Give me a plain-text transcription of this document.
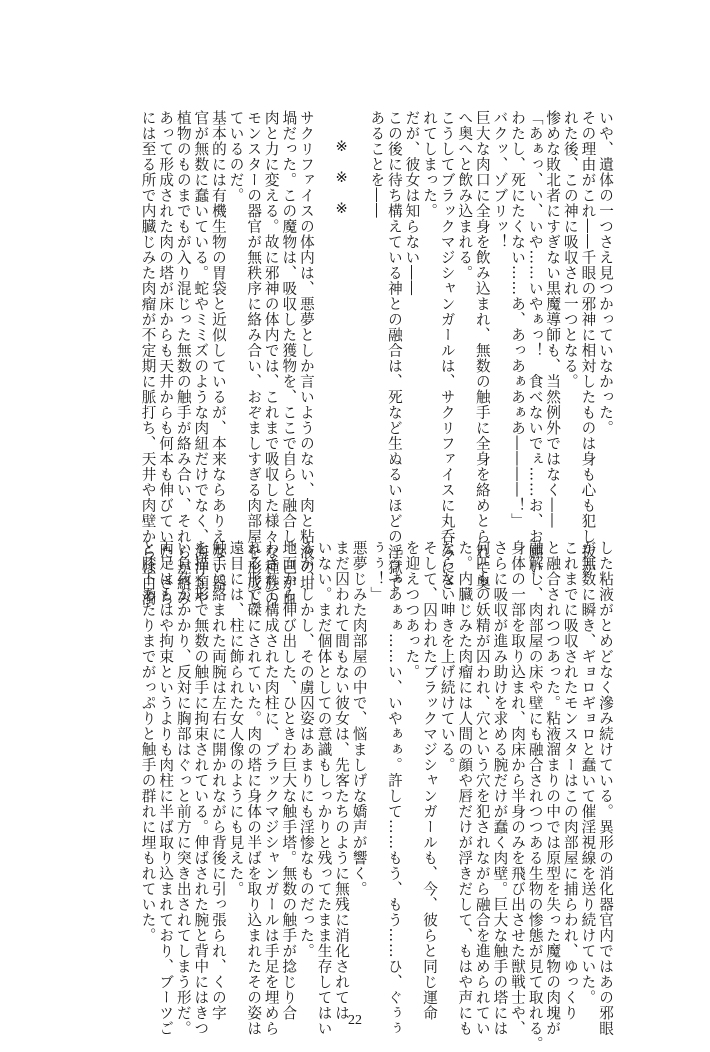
いや、遺体の一つさえ見つかっていなかった。
その理由がこれ――千眼の邪神に相対したものは身も心も犯し抜か
れた後、この神に吸収され一つとなる。
惨めな敗北者にすぎない黒魔導師も、当然例外ではなく――
「あぁっ、い、いや……いやぁっ！　食べないでぇ……お、お願い、
わたし、死にたくない……あ、あっあぁあぁあ――――！」
バクッ、ゾブリッ！
巨大な肉口に全身を飲み込まれ、無数の触手に全身を絡めとられて奥
へ奥へと飲み込まれる。
こうしてブラックマジシャンガールは、サクリファイスに丸呑みにさ
れてしまった。
だが、彼女は知らない――
この後に待ち構えている神との融合は、死など生ぬるいほどの淫獄で
あることを――

※※※

サクリファイスの体内は、悪夢としか言いようのない、肉と粘液の坩
堝だった。この魔物は、吸収した獲物を、ここで自らと融合し、己が血
肉と力に変える。故に邪神の体内では、これまで吸収した様々な種族の
モンスターの器官が無秩序に絡み合い、おぞましすぎる肉部屋を形成し
ているのだ。
基本的には有機生物の胃袋と近似しているが、本来ならありえない器
官が無数に蠢いている。蛇やミミズのような肉紐だけでなく、海洋類や
植物のものまでもが入り混じった無数の触手が絡み合い、それらが絡み
あって形成された肉の塔が床からも天井からも何本も伸びていた。さら
には至る所で内臓じみた肉瘤が不定期に脈打ち、天井や肉壁からは白濁
した粘液がとめどなく滲み続けている。異形の消化器官内ではあの邪眼
が無数に瞬き、ギョロギョロと蠢いて催淫視線を送り続けていた。
これまでに吸収されたモンスターはこの肉部屋に捕らわれ、ゆっくり
と融合されつつあった。粘液溜まりの中では原型を失った魔物の肉塊が
融解し、肉部屋の床や壁にも融合されつつある生物の惨態が見て取れる。
身体の一部を取り込まれ、肉床から半身のみを飛び出させた獣戦士や、
さらに吸収が進み助けを求める腕だけが蠢く肉壁。巨大な触手の塔には
何匹もの妖精が囚われ、穴という穴を犯されながら融合を進められてい
た。内臓じみた肉瘤には人間の顔や唇だけが浮きだして、もはや声にも
ならない呻きを上げ続けている。
そして、囚われたブラックマジシャンガールも、今、彼らと同じ運命
を迎えつつあった。
「うぁあぁぁ……い、いやぁぁ。許して……もう、もう……ひ、ぐぅぅ
ぅぅ！」
悪夢じみた肉部屋の中で、悩ましげな嬌声が響く。
まだ囚われて間もない彼女は、先客たちのように無残に消化されては
いない。まだ個体としての意識もしっかりと残ってたまま生存してはい
るが、しかし、その虜囚姿はあまりにも淫惨なものだった。
地面から伸び出した、ひときわ巨大な触手塔。無数の触手が捻じり合
わされて構成された肉柱に、ブラックマジシャンガールは手足を埋めら
れる形で磔にされていた。肉の塔に身体の半ばを取り込まれたその姿は
遠目には、柱に飾られた女人像のようにも見えた。
触手に絡まれた両腕は左右に開かれながら背後に引っ張られ、くの字
を描く形で無数の触手に拘束されている。伸ばされた腕と背中にはきつ
い負荷がかかり、反対に胸部はぐっと前方に突き出されてしまう形だ。
両足はもはや拘束というよりも肉柱に半ば取り込まれており、ブーツご
と膝下あたりまでがっぷりと触手の群れに埋もれていた。
22
